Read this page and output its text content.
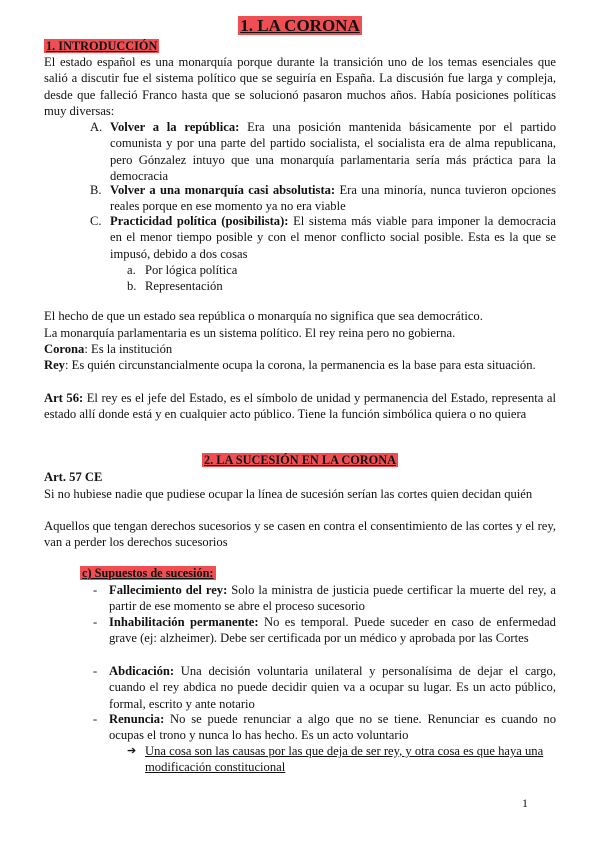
1. LA CORONA
1. INTRODUCCIÓN

El estado español es una monarquía porque durante la transición uno de los temas esenciales que salió a discutir fue el sistema político que se seguiría en España. La discusión fue larga y compleja, desde que falleció Franco hasta que se solucionó pasaron muchos años. Había posiciones políticas muy diversas:

A. Volver a la república: Era una posición mantenida básicamente por el partido comunista y por una parte del partido socialista, el socialista era de alma republicana, pero Gónzalez intuyo que una monarquía parlamentaria sería más práctica para la democracia

B. Volver a una monarquía casi absolutista: Era una minoría, nunca tuvieron opciones reales porque en ese momento ya no era viable

C. Practicidad política (posibilista): El sistema más viable para imponer la democracia en el menor tiempo posible y con el menor conflicto social posible. Esta es la que se impusó, debido a dos cosas

a. Por lógica política
b. Representación

El hecho de que un estado sea república o monarquía no significa que sea democrático.

La monarquía parlamentaria es un sistema político. El rey reina pero no gobierna.

Corona: Es la institución

Rey: Es quién circunstancialmente ocupa la corona, la permanencia es la base para esta situación.

Art 56: El rey es el jefe del Estado, es el símbolo de unidad y permanencia del Estado, representa al estado allí donde está y en cualquier acto público. Tiene la función simbólica quiera o no quiera

2. LA SUCESIÓN EN LA CORONA

Art. 57 CE

Si no hubiese nadie que pudiese ocupar la línea de sucesión serían las cortes quien decidan quién

Aquellos que tengan derechos sucesorios y se casen en contra el consentimiento de las cortes y el rey, van a perder los derechos sucesorios

c) Supuestos de sucesión:
- Fallecimiento del rey: Solo la ministra de justicia puede certificar la muerte del rey, a partir de ese momento se abre el proceso sucesorio

- Inhabilitación permanente: No es temporal. Puede suceder en caso de enfermedad grave (ej: alzheimer). Debe ser certificada por un médico y aprobada por las Cortes

- Abdicación: Una decisión voluntaria unilateral y personalísima de dejar el cargo, cuando el rey abdica no puede decidir quien va a ocupar su lugar. Es un acto público, formal, escrito y ante notario

- Renuncia: No se puede renunciar a algo que no se tiene. Renunciar es cuando no ocupas el trono y nunca lo has hecho. Es un acto voluntario

➔ Una cosa son las causas por las que deja de ser rey, y otra cosa es que haya una modificación constitucional

1
